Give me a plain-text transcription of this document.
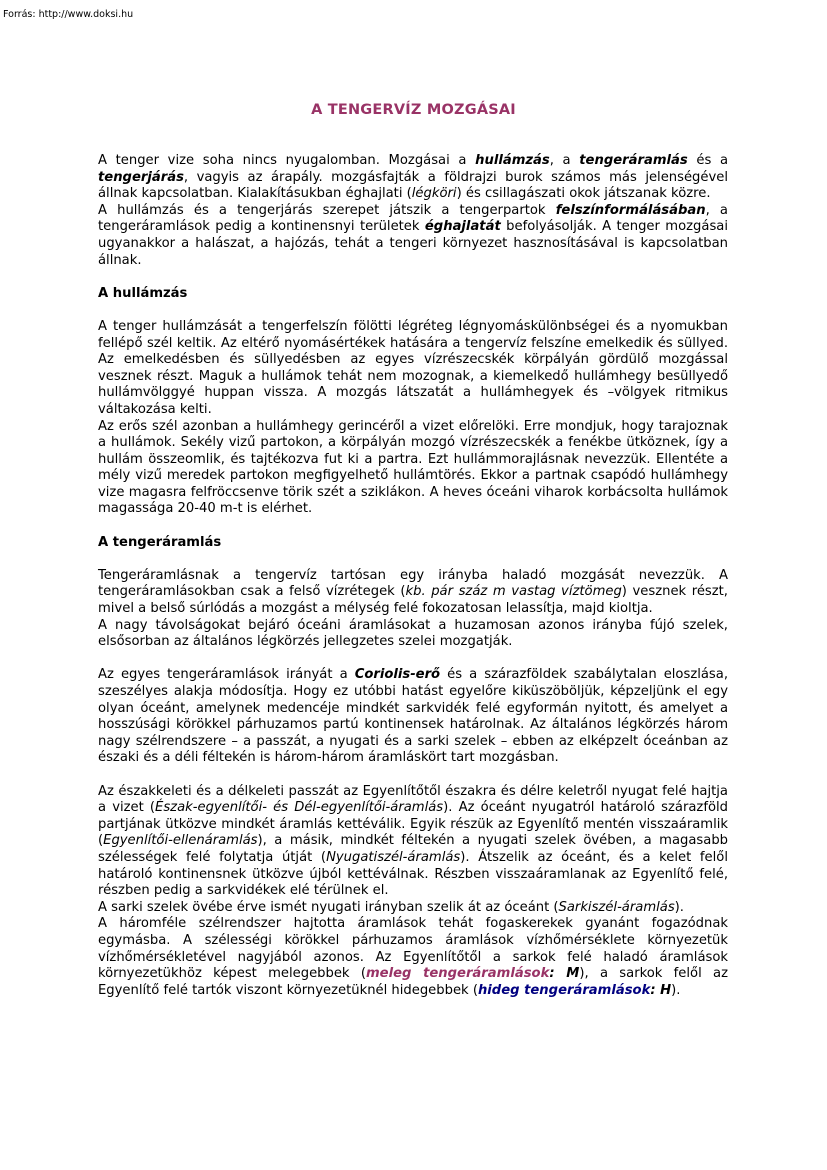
Forrás: http://www.doksi.hu
A TENGERVÍZ MOZGÁSAI

A tenger vize soha nincs nyugalomban. Mozgásai a hullámzás, a tengeráramlás és a tengerjárás, vagyis az árapály. mozgásfajták a földrajzi burok számos más jelenségével állnak kapcsolatban. Kialakításukban éghajlati (légköri) és csillagászati okok játszanak közre.

A hullámzás és a tengerjárás szerepet játszik a tengerpartok felszínformálásában, a tengeráramlások pedig a kontinensnyi területek éghajlatát befolyásolják. A tenger mozgásai ugyanakkor a halászat, a hajózás, tehát a tengeri környezet hasznosításával is kapcsolatban állnak.

A hullámzás

A tenger hullámzását a tengerfelszín fölötti légréteg légnyomáskülönbségei és a nyomukban fellépő szél keltik. Az eltérő nyomásértékek hatására a tengervíz felszíne emelkedik és süllyed. Az emelkedésben és süllyedésben az egyes vízrészecskék körpályán gördülő mozgással vesznek részt. Maguk a hullámok tehát nem mozognak, a kiemelkedő hullámhegy besüllyedő hullámvölggyé huppan vissza. A mozgás látszatát a hullámhegyek és –völgyek ritmikus váltakozása kelti.

Az erős szél azonban a hullámhegy gerincéről a vizet előrelöki. Erre mondjuk, hogy tarajoznak a hullámok. Sekély vizű partokon, a körpályán mozgó vízrészecskék a fenékbe ütköznek, így a hullám összeomlik, és tajtékozva fut ki a partra. Ezt hullámmorajlásnak nevezzük. Ellentéte a mély vizű meredek partokon megfigyelhető hullámtörés. Ekkor a partnak csapódó hullámhegy vize magasra felfröccsenve törik szét a sziklákon. A heves óceáni viharok korbácsolta hullámok magassága 20-40 m-t is elérhet.

A tengeráramlás

Tengeráramlásnak a tengervíz tartósan egy irányba haladó mozgását nevezzük. A tengeráramlásokban csak a felső vízrétegek (kb. pár száz m vastag víztömeg) vesznek részt, mivel a belső súrlódás a mozgást a mélység felé fokozatosan lelassítja, majd kioltja.

A nagy távolságokat bejáró óceáni áramlásokat a huzamosan azonos irányba fújó szelek, elsősorban az általános légkörzés jellegzetes szelei mozgatják.

Az egyes tengeráramlások irányát a Coriolis-erő és a szárazföldek szabálytalan eloszlása, szeszélyes alakja módosítja. Hogy ez utóbbi hatást egyelőre kiküszöböljük, képzeljünk el egy olyan óceánt, amelynek medencéje mindkét sarkvidék felé egyformán nyitott, és amelyet a hosszúsági körökkel párhuzamos partú kontinensek határolnak. Az általános légkörzés három nagy szélrendszere – a passzát, a nyugati és a sarki szelek – ebben az elképzelt óceánban az északi és a déli féltekén is három-három áramláskört tart mozgásban.

Az északkeleti és a délkeleti passzát az Egyenlítőtől északra és délre keletről nyugat felé hajtja a vizet (Észak-egyenlítői- és Dél-egyenlítői-áramlás). Az óceánt nyugatról határoló szárazföld partjának ütközve mindkét áramlás kettéválik. Egyik részük az Egyenlítő mentén visszaáramlik (Egyenlítői-ellenáramlás), a másik, mindkét féltekén a nyugati szelek övében, a magasabb szélességek felé folytatja útját (Nyugatiszél-áramlás). Átszelik az óceánt, és a kelet felől határoló kontinensnek ütközve újból kettéválnak. Részben visszaáramlanak az Egyenlítő felé, részben pedig a sarkvidékek elé térülnek el.

A sarki szelek övébe érve ismét nyugati irányban szelik át az óceánt (Sarkiszél-áramlás).

A háromféle szélrendszer hajtotta áramlások tehát fogaskerekek gyanánt fogazódnak egymásba. A szélességi körökkel párhuzamos áramlások vízhőmérséklete környezetük vízhőmérsékletével nagyjából azonos. Az Egyenlítőtől a sarkok felé haladó áramlások környezetükhöz képest melegebbek (meleg tengeráramlások: M), a sarkok felől az Egyenlítő felé tartók viszont környezetüknél hidegebbek (hideg tengeráramlások: H).
